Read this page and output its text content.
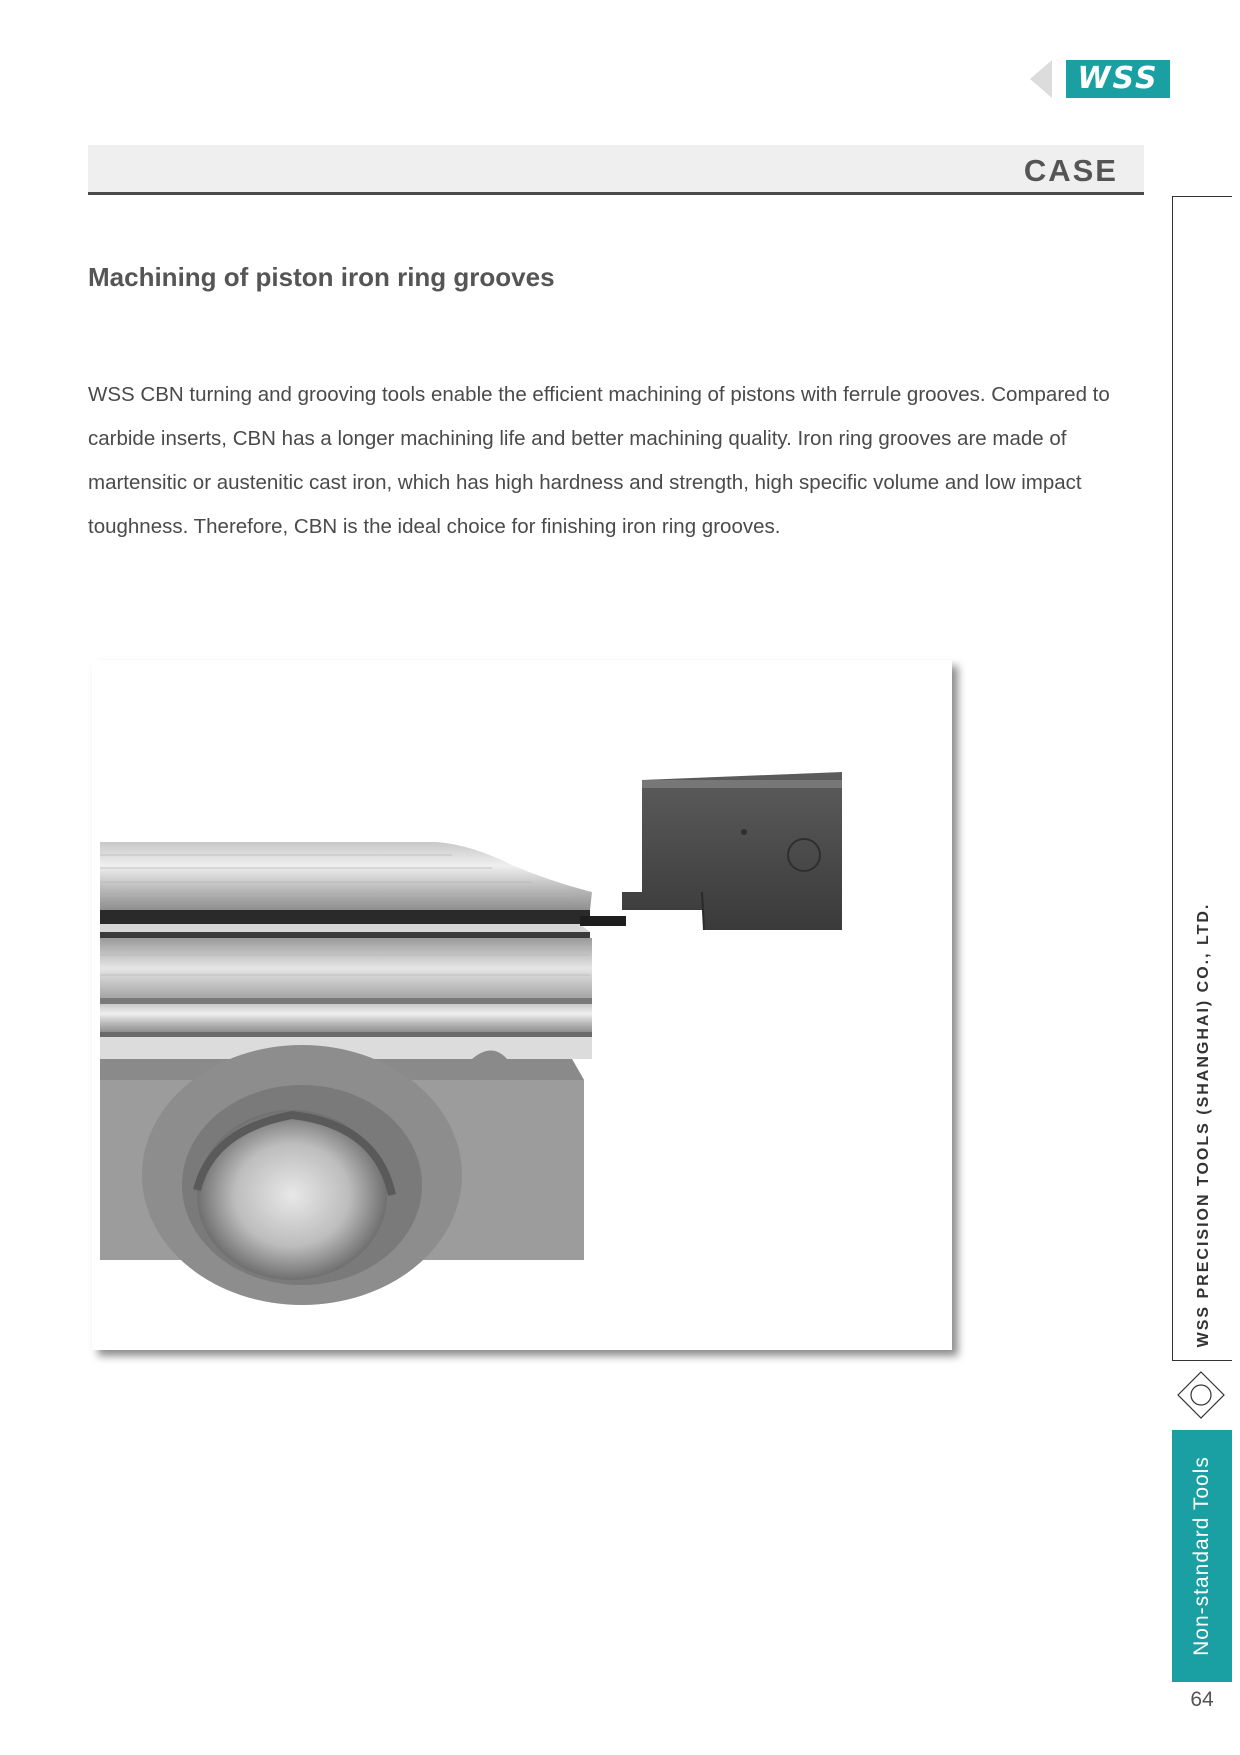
WSS
CASE
Machining of piston iron ring grooves

WSS CBN turning and grooving tools enable the efficient machining of pistons with ferrule grooves. Compared to carbide inserts, CBN has a longer machining life and better machining quality. Iron ring grooves are made of martensitic or austenitic cast iron, which has high hardness and strength, high specific volume and low impact toughness. Therefore, CBN is the ideal choice for finishing iron ring grooves.

WSS PRECISION TOOLS (SHANGHAI) CO., LTD.
Non-standard Tools
64
